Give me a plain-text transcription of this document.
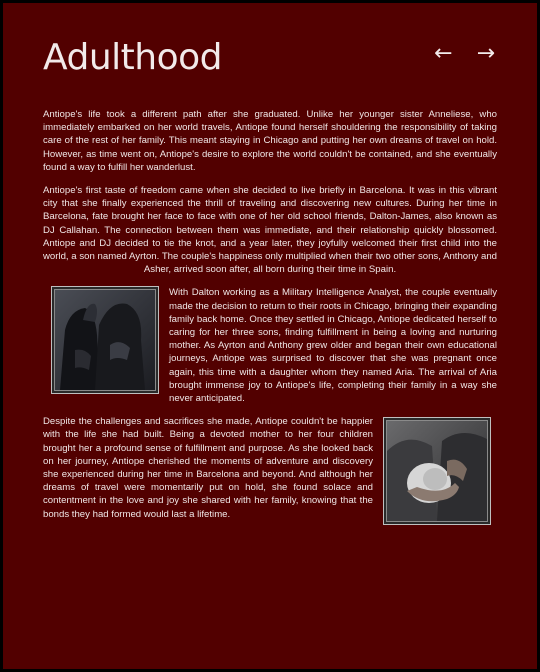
Adulthood	← →

Antiope's life took a different path after she graduated. Unlike her younger sister Anneliese, who immediately embarked on her world travels, Antiope found herself shouldering the responsibility of taking care of the rest of her family. This meant staying in Chicago and putting her own dreams of travel on hold. However, as time went on, Antiope's desire to explore the world couldn't be contained, and she eventually found a way to fulfill her wanderlust.

Antiope's first taste of freedom came when she decided to live briefly in Barcelona. It was in this vibrant city that she finally experienced the thrill of traveling and discovering new cultures. During her time in Barcelona, fate brought her face to face with one of her old school friends, Dalton-James, also known as DJ Callahan. The connection between them was immediate, and their relationship quickly blossomed. Antiope and DJ decided to tie the knot, and a year later, they joyfully welcomed their first child into the world, a son named Ayrton. The couple's happiness only multiplied when their two other sons, Anthony and Asher, arrived soon after, all born during their time in Spain.

With Dalton working as a Military Intelligence Analyst, the couple eventually made the decision to return to their roots in Chicago, bringing their expanding family back home. Once they settled in Chicago, Antiope dedicated herself to caring for her three sons, finding fulfillment in being a loving and nurturing mother. As Ayrton and Anthony grew older and began their own educational journeys, Antiope was surprised to discover that she was pregnant once again, this time with a daughter whom they named Aria. The arrival of Aria brought immense joy to Antiope's life, completing their family in a way she never anticipated.

Despite the challenges and sacrifices she made, Antiope couldn't be happier with the life she had built. Being a devoted mother to her four children brought her a profound sense of fulfillment and purpose. As she looked back on her journey, Antiope cherished the moments of adventure and discovery she experienced during her time in Barcelona and beyond. And although her dreams of travel were momentarily put on hold, she found solace and contentment in the love and joy she shared with her family, knowing that the bonds they had formed would last a lifetime.
